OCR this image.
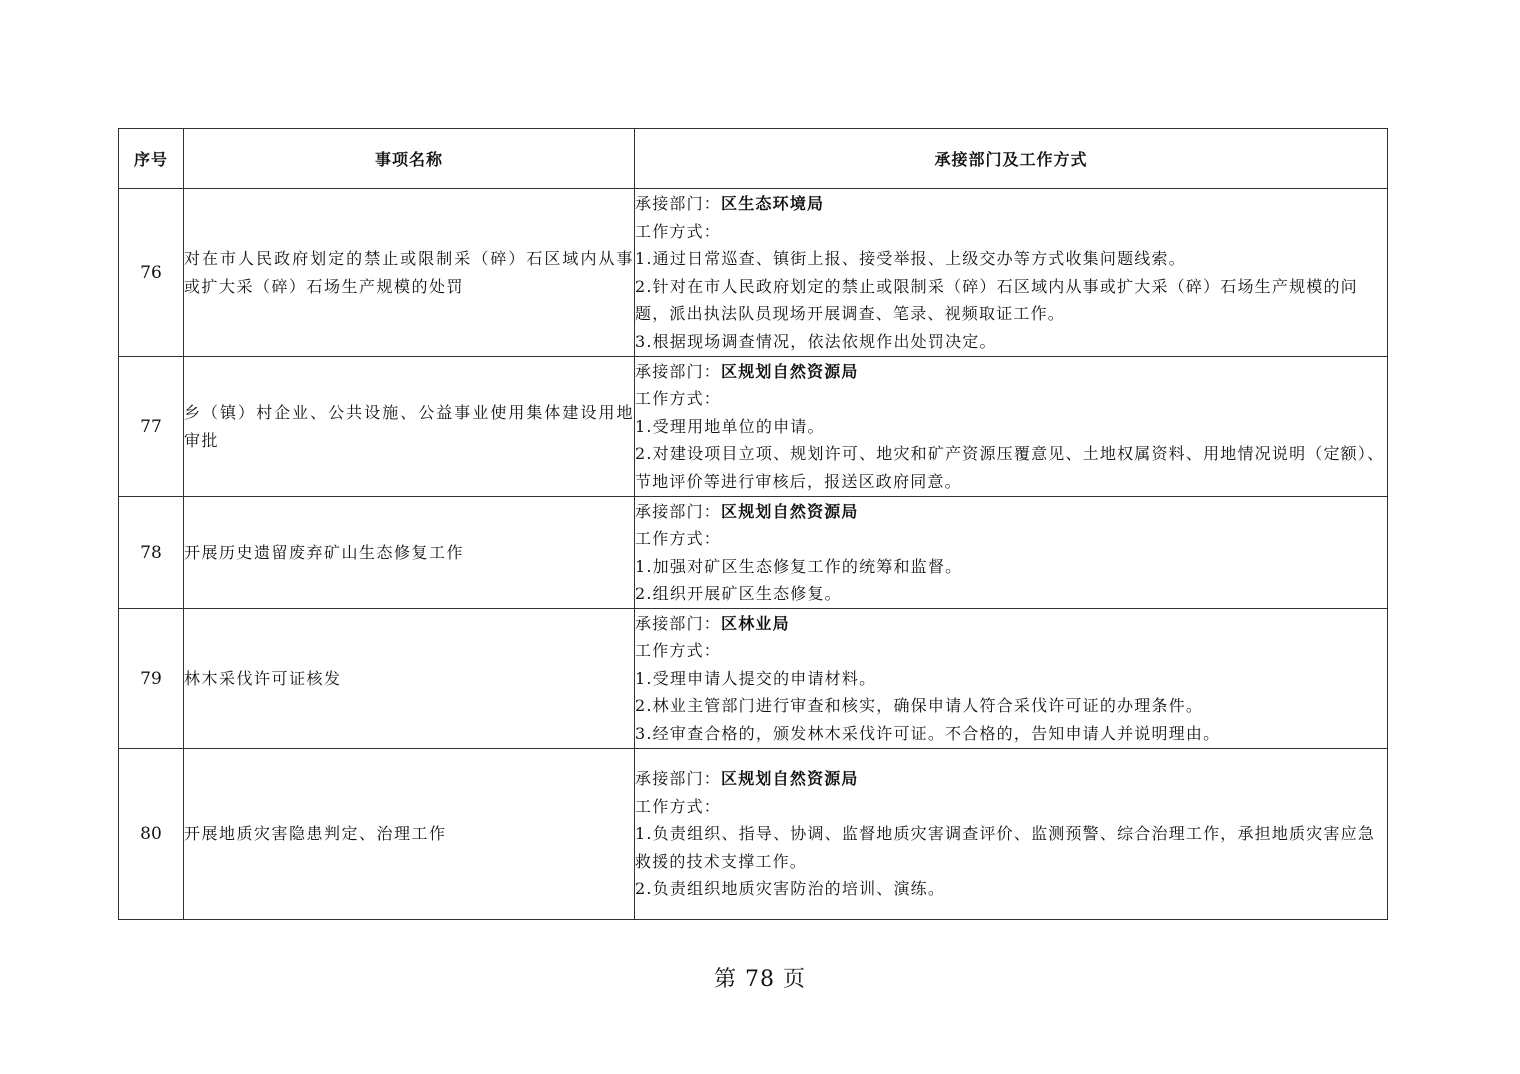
序号	事项名称	承接部门及工作方式
76	对在市人民政府划定的禁止或限制采（碎）石区域内从事或扩大采（碎）石场生产规模的处罚	承接部门：区生态环境局
工作方式：
1.通过日常巡查、镇街上报、接受举报、上级交办等方式收集问题线索。
2.针对在市人民政府划定的禁止或限制采（碎）石区域内从事或扩大采（碎）石场生产规模的问题，派出执法队员现场开展调查、笔录、视频取证工作。
3.根据现场调查情况，依法依规作出处罚决定。

77	乡（镇）村企业、公共设施、公益事业使用集体建设用地审批	承接部门：区规划自然资源局
工作方式：
1.受理用地单位的申请。
2.对建设项目立项、规划许可、地灾和矿产资源压覆意见、土地权属资料、用地情况说明（定额）、节地评价等进行审核后，报送区政府同意。

78	开展历史遗留废弃矿山生态修复工作	承接部门：区规划自然资源局
工作方式：
1.加强对矿区生态修复工作的统筹和监督。
2.组织开展矿区生态修复。

79	林木采伐许可证核发	承接部门：区林业局
工作方式：
1.受理申请人提交的申请材料。
2.林业主管部门进行审查和核实，确保申请人符合采伐许可证的办理条件。
3.经审查合格的，颁发林木采伐许可证。不合格的，告知申请人并说明理由。

80	开展地质灾害隐患判定、治理工作	承接部门：区规划自然资源局
工作方式：
1.负责组织、指导、协调、监督地质灾害调查评价、监测预警、综合治理工作，承担地质灾害应急救援的技术支撑工作。
2.负责组织地质灾害防治的培训、演练。
第 78 页
